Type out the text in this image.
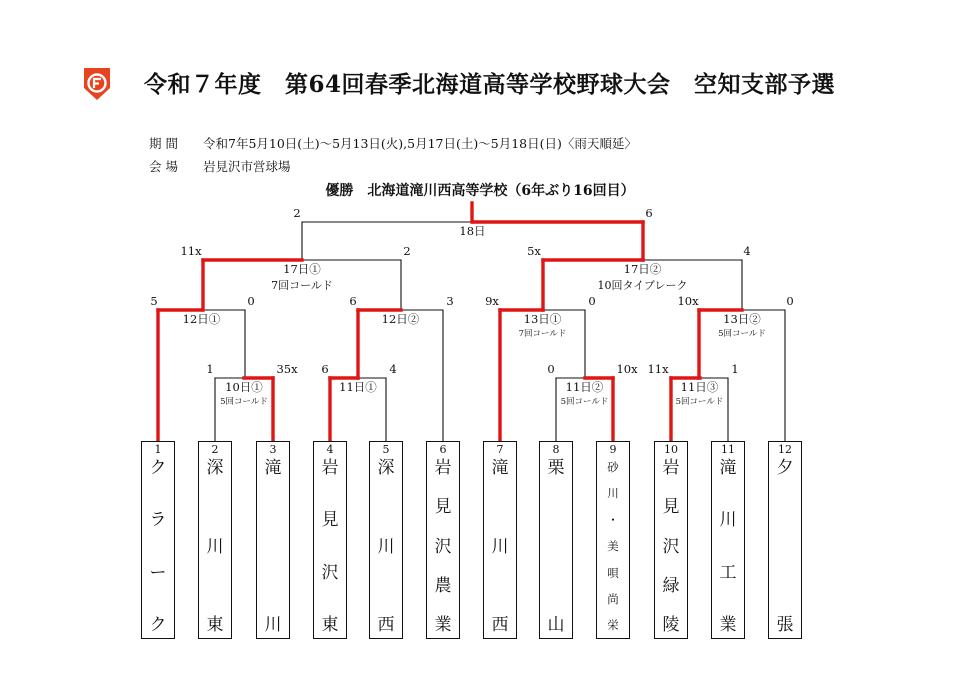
令和７年度　第64回春季北海道高等学校野球大会　空知支部予選
期 間 令和7年5月10日(土)～5月13日(火),5月17日(土)～5月18日(日)〈雨天順延〉
会 場 岩見沢市営球場
優勝　北海道滝川西高等学校（6年ぶり16回目）
10日①
5回コールド
1	35x
11日①
6	4
11日②
5回コールド
0	10x
11日③
5回コールド
11x	1
12日①
5	0
12日②
6	3
13日①
7回コールド
9x	0
13日②
5回コールド
10x	0
17日①
7回コールド
11x	2
17日②
10回タイブレーク
5x	4
18日
2	6
1
ク
ラ
ー
ク
2
深
川
東
3
滝
川
4
岩
見
沢
東
5
深
川
西
6
岩
見
沢
農
業
7
滝
川
西
8
栗
山
9
砂
川
・
美
唄
尚
栄
10
岩
見
沢
緑
陵
11
滝
川
工
業
12
夕
張
